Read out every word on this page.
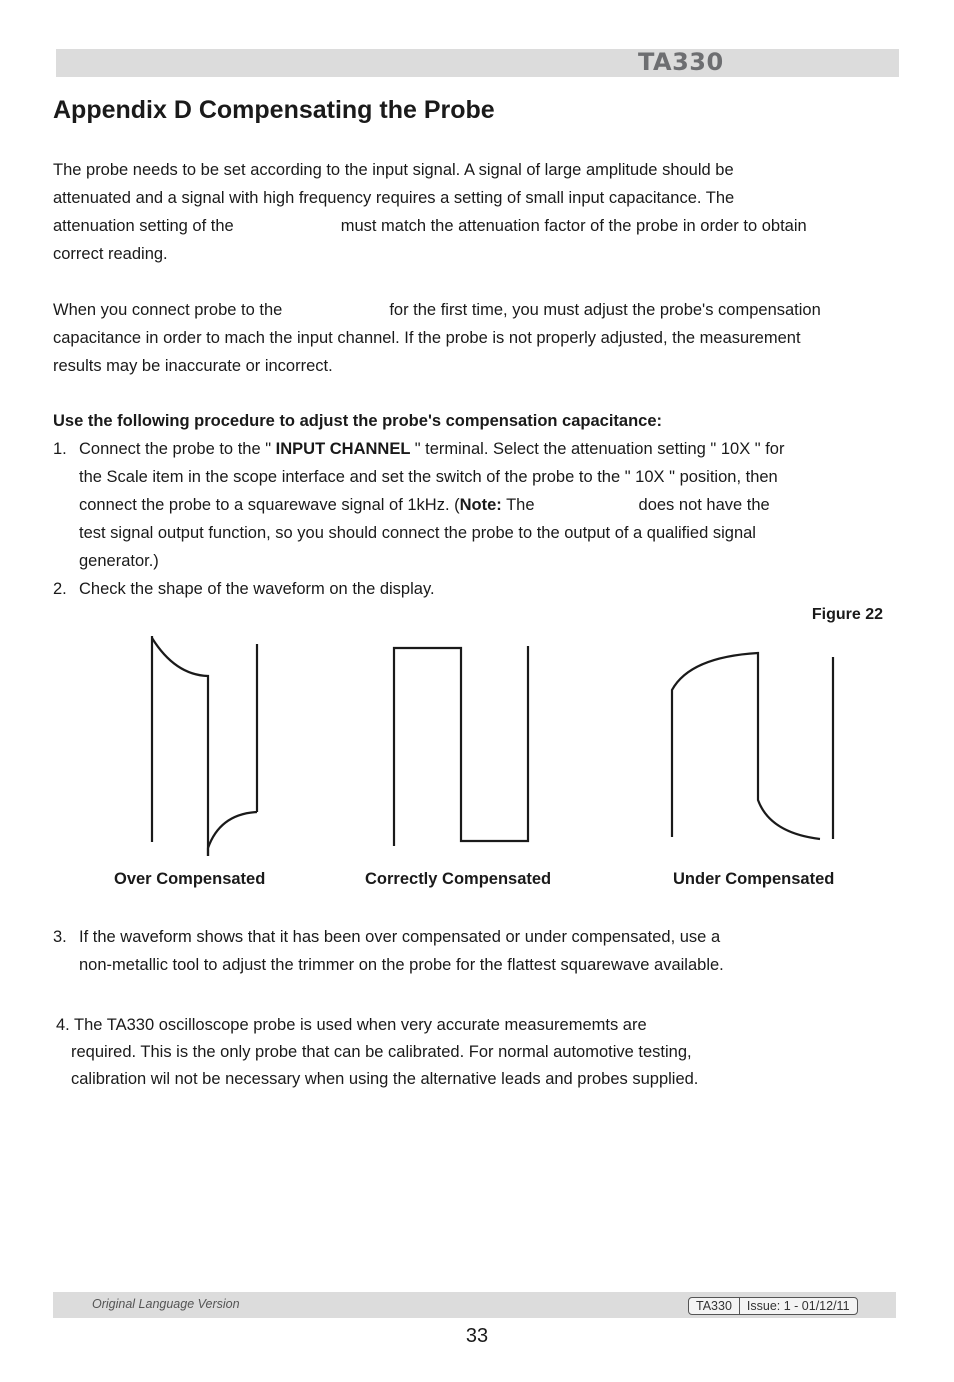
TA330
Appendix D Compensating the Probe
The probe needs to be set according to the input signal. A signal of large amplitude should be
attenuated and a signal with high frequency requires a setting of small input capacitance. The
attenuation setting of the	must match the attenuation factor of the probe in order to obtain
correct reading.
When you connect probe to the	for the first time, you must adjust the probe's compensation
capacitance in order to mach the input channel. If the probe is not properly adjusted, the measurement
results may be inaccurate or incorrect.
Use the following procedure to adjust the probe's compensation capacitance:
1. Connect the probe to the " INPUT CHANNEL " terminal. Select the attenuation setting " 10X " for
the Scale item in the scope interface and set the switch of the probe to the " 10X " position, then
connect the probe to a squarewave signal of 1kHz. (Note: The	does not have the
test signal output function, so you should connect the probe to the output of a qualified signal
generator.)
2. Check the shape of the waveform on the display.
Figure 22
Over Compensated	Correctly Compensated	Under Compensated
3. If the waveform shows that it has been over compensated or under compensated, use a
non-metallic tool to adjust the trimmer on the probe for the flattest squarewave available.
4. The TA330 oscilloscope probe is used when very accurate measurememts are
required. This is the only probe that can be calibrated. For normal automotive testing,
calibration wil not be necessary when using the alternative leads and probes supplied.
Original Language Version	TA330	Issue: 1 - 01/12/11
33
